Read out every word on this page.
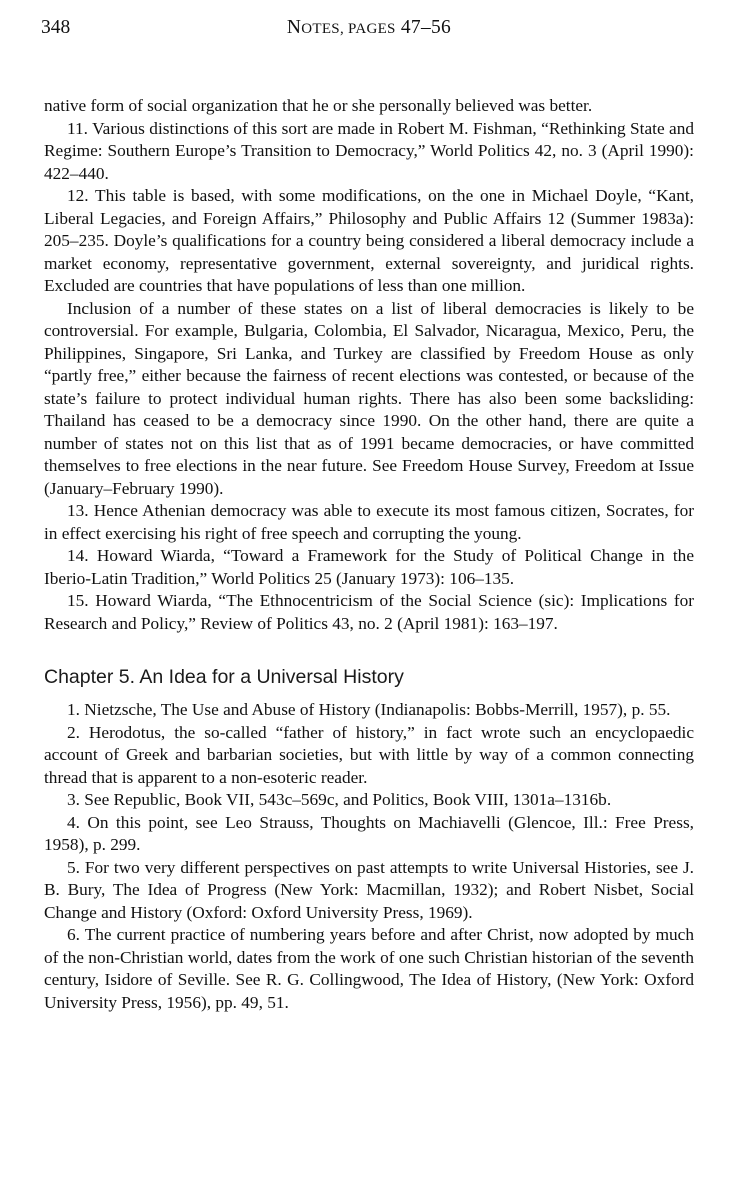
348	NOTES, PAGES 47–56

native form of social organization that he or she personally believed was better.

11. Various distinctions of this sort are made in Robert M. Fishman, “Rethinking State and Regime: Southern Europe’s Transition to Democracy,” World Politics 42, no. 3 (April 1990): 422–440.

12. This table is based, with some modifications, on the one in Michael Doyle, “Kant, Liberal Legacies, and Foreign Affairs,” Philosophy and Public Affairs 12 (Summer 1983a): 205–235. Doyle’s qualifications for a country being considered a liberal democracy include a market economy, representative government, external sovereignty, and juridical rights. Excluded are countries that have populations of less than one million.

Inclusion of a number of these states on a list of liberal democracies is likely to be controversial. For example, Bulgaria, Colombia, El Salvador, Nicaragua, Mexico, Peru, the Philippines, Singapore, Sri Lanka, and Turkey are classified by Freedom House as only “partly free,” either because the fairness of recent elections was contested, or because of the state’s failure to protect individual human rights. There has also been some backsliding: Thailand has ceased to be a democracy since 1990. On the other hand, there are quite a number of states not on this list that as of 1991 became democracies, or have committed themselves to free elections in the near future. See Freedom House Survey, Freedom at Issue (January–February 1990).

13. Hence Athenian democracy was able to execute its most famous citizen, Socrates, for in effect exercising his right of free speech and corrupting the young.

14. Howard Wiarda, “Toward a Framework for the Study of Political Change in the Iberio-Latin Tradition,” World Politics 25 (January 1973): 106–135.

15. Howard Wiarda, “The Ethnocentricism of the Social Science (sic): Implications for Research and Policy,” Review of Politics 43, no. 2 (April 1981): 163–197.

Chapter 5. An Idea for a Universal History

1. Nietzsche, The Use and Abuse of History (Indianapolis: Bobbs-Merrill, 1957), p. 55.

2. Herodotus, the so-called “father of history,” in fact wrote such an encyclopaedic account of Greek and barbarian societies, but with little by way of a common connecting thread that is apparent to a non-esoteric reader.

3. See Republic, Book VII, 543c–569c, and Politics, Book VIII, 1301a–1316b.

4. On this point, see Leo Strauss, Thoughts on Machiavelli (Glencoe, Ill.: Free Press, 1958), p. 299.

5. For two very different perspectives on past attempts to write Universal Histories, see J. B. Bury, The Idea of Progress (New York: Macmillan, 1932); and Robert Nisbet, Social Change and History (Oxford: Oxford University Press, 1969).

6. The current practice of numbering years before and after Christ, now adopted by much of the non-Christian world, dates from the work of one such Christian historian of the seventh century, Isidore of Seville. See R. G. Collingwood, The Idea of History, (New York: Oxford University Press, 1956), pp. 49, 51.
